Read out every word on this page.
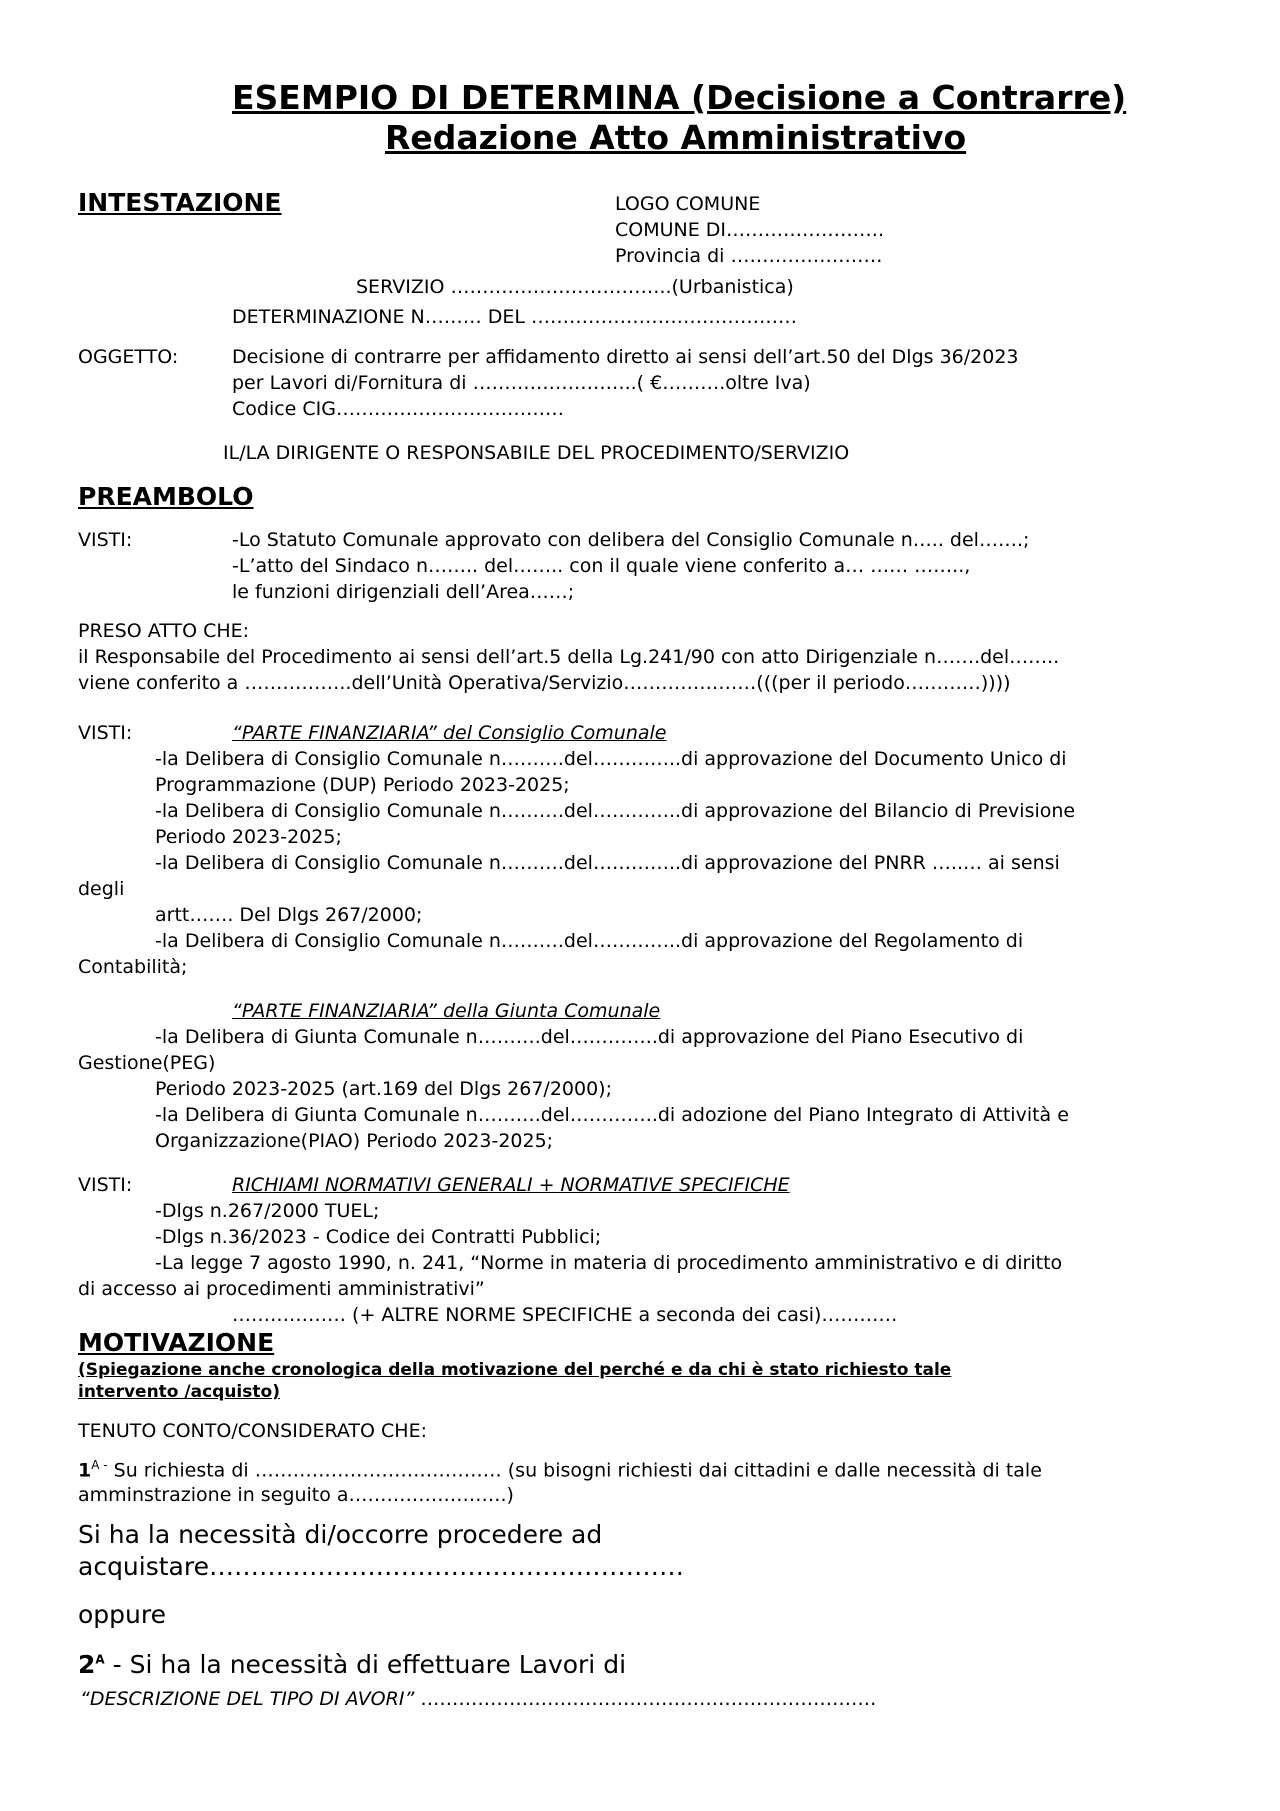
ESEMPIO DI DETERMINA (Decisione a Contrarre)
Redazione Atto Amministrativo
INTESTAZIONE	LOGO COMUNE
COMUNE DI…………………….
Provincia di ……………………
SERVIZIO ……………………………..(Urbanistica)
DETERMINAZIONE N……… DEL ……………………………………
OGGETTO:	Decisione di contrarre per affidamento diretto ai sensi dell’art.50 del Dlgs 36/2023
per Lavori di/Fornitura di ……………………..( €……….oltre Iva)
Codice CIG………………………………
IL/LA DIRIGENTE O RESPONSABILE DEL PROCEDIMENTO/SERVIZIO
PREAMBOLO
VISTI:	-Lo Statuto Comunale approvato con delibera del Consiglio Comunale n….. del…….;
-L’atto del Sindaco n…….. del…….. con il quale viene conferito a… …… ……..,
le funzioni dirigenziali dell’Area……;
PRESO ATTO CHE:
il Responsabile del Procedimento ai sensi dell’art.5 della Lg.241/90 con atto Dirigenziale n…….del……..
viene conferito a ……………..dell’Unità Operativa/Servizio…………………(((per il periodo…………))))
VISTI:	“PARTE FINANZIARIA” del Consiglio Comunale
-la Delibera di Consiglio Comunale n……….del…………..di approvazione del Documento Unico di
Programmazione (DUP) Periodo 2023-2025;
-la Delibera di Consiglio Comunale n……….del…………..di approvazione del Bilancio di Previsione
Periodo 2023-2025;
-la Delibera di Consiglio Comunale n……….del…………..di approvazione del PNRR …..… ai sensi
degli
artt……. Del Dlgs 267/2000;
-la Delibera di Consiglio Comunale n……….del…………..di approvazione del Regolamento di
Contabilità;
“PARTE FINANZIARIA” della Giunta Comunale
-la Delibera di Giunta Comunale n……….del…………..di approvazione del Piano Esecutivo di
Gestione(PEG)
Periodo 2023-2025 (art.169 del Dlgs 267/2000);
-la Delibera di Giunta Comunale n……….del…………..di adozione del Piano Integrato di Attività e
Organizzazione(PIAO) Periodo 2023-2025;
VISTI:	RICHIAMI NORMATIVI GENERALI + NORMATIVE SPECIFICHE
-Dlgs n.267/2000 TUEL;
-Dlgs n.36/2023 - Codice dei Contratti Pubblici;
-La legge 7 agosto 1990, n. 241, “Norme in materia di procedimento amministrativo e di diritto
di accesso ai procedimenti amministrativi”
……………… (+ ALTRE NORME SPECIFICHE a seconda dei casi)…………
MOTIVAZIONE
(Spiegazione anche cronologica della motivazione del perché e da chi è stato richiesto tale
intervento /acquisto)
TENUTO CONTO/CONSIDERATO CHE:
$1^{A -}$ Su richiesta di ………………………………… (su bisogni richiesti dai cittadini e dalle necessità di tale
amminstrazione in seguito a…………………….)
Si ha la necessità di/occorre procedere ad
acquistare…………………………………………………
oppure
$2^A$ - Si ha la necessità di effettuare Lavori di
“DESCRIZIONE DEL TIPO DI AVORI” ………………………………………………………………
